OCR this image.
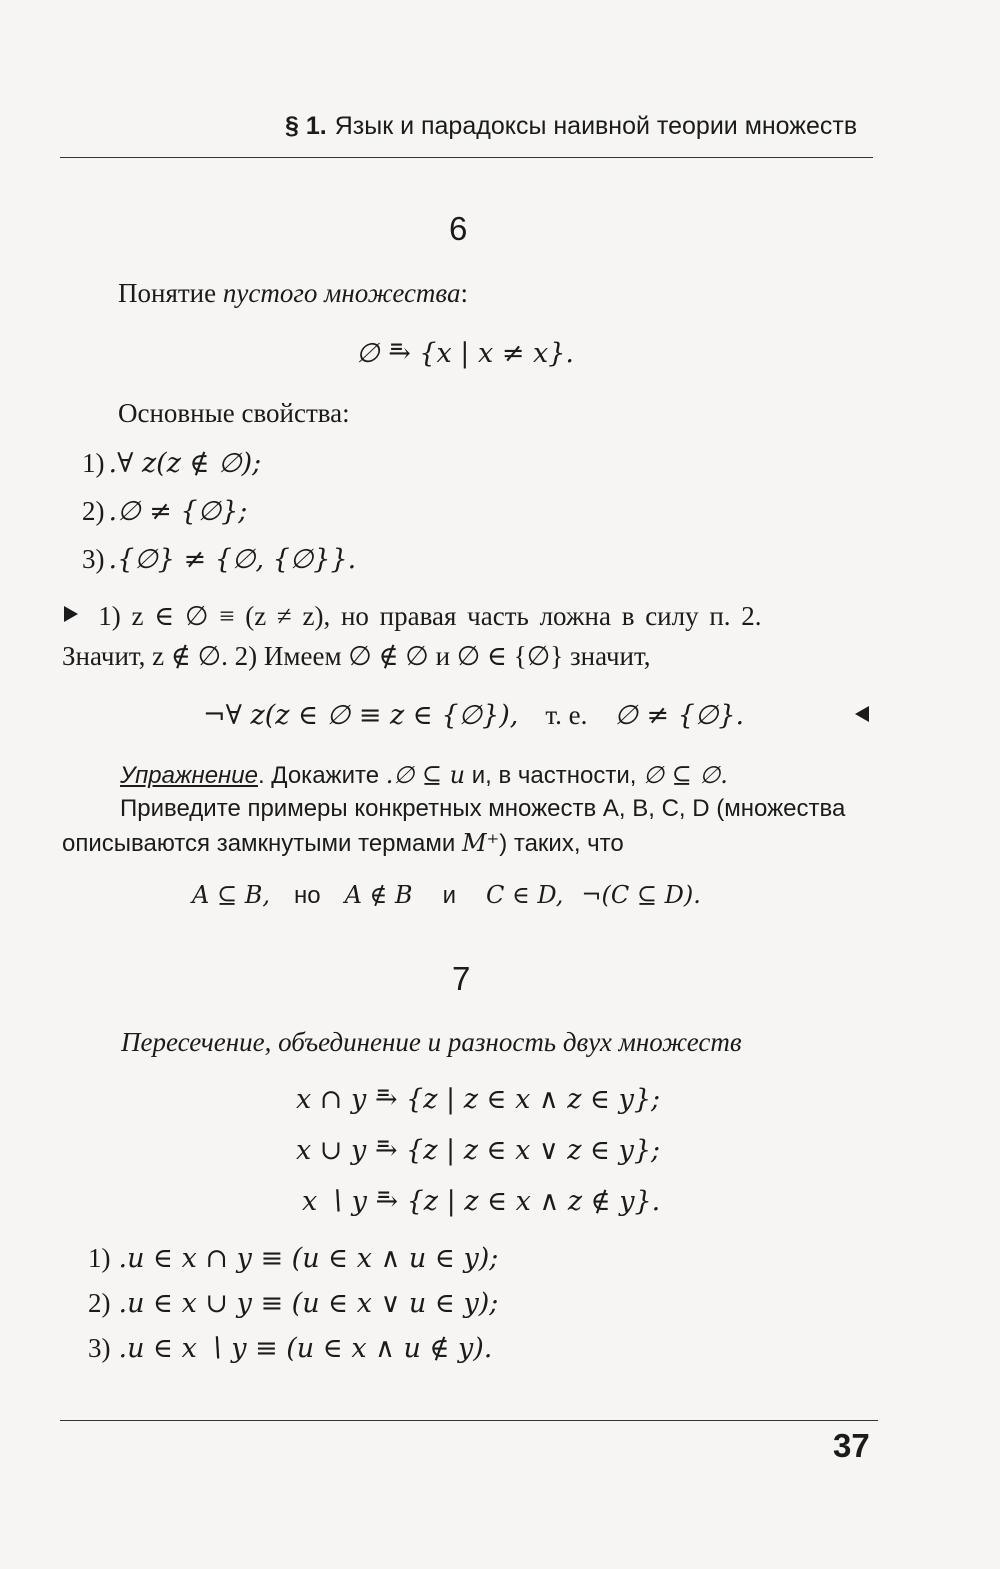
§ 1. Язык и парадоксы наивной теории множеств
6
Понятие пустого множества:
∅ ⥱ {x | x ≠ x}.
Основные свойства:
1) .∀ z(z ∉ ∅);
2) .∅ ≠ {∅};
3) .{∅} ≠ {∅, {∅}}.
1) z ∈ ∅ ≡ (z ≠ z), но правая часть ложна в силу п. 2.
Значит, z ∉ ∅. 2) Имеем ∅ ∉ ∅ и ∅ ∈ {∅} значит,
¬∀ z(z ∈ ∅ ≡ z ∈ {∅}), т. е. ∅ ≠ {∅}.
Упражнение. Докажите .∅ ⊆ u и, в частности, ∅ ⊆ ∅.
Приведите примеры конкретных множеств A, B, C, D (множества
описываются замкнутыми термами M⁺) таких, что
A ⊆ B, но A ∉ B и C ∈ D, ¬(C ⊆ D).
7
Пересечение, объединение и разность двух множеств
x ∩ y ⥱ {z | z ∈ x ∧ z ∈ y};
x ∪ y ⥱ {z | z ∈ x ∨ z ∈ y};
x ∖ y ⥱ {z | z ∈ x ∧ z ∉ y}.
1) .u ∈ x ∩ y ≡ (u ∈ x ∧ u ∈ y);
2) .u ∈ x ∪ y ≡ (u ∈ x ∨ u ∈ y);
3) .u ∈ x ∖ y ≡ (u ∈ x ∧ u ∉ y).
37
